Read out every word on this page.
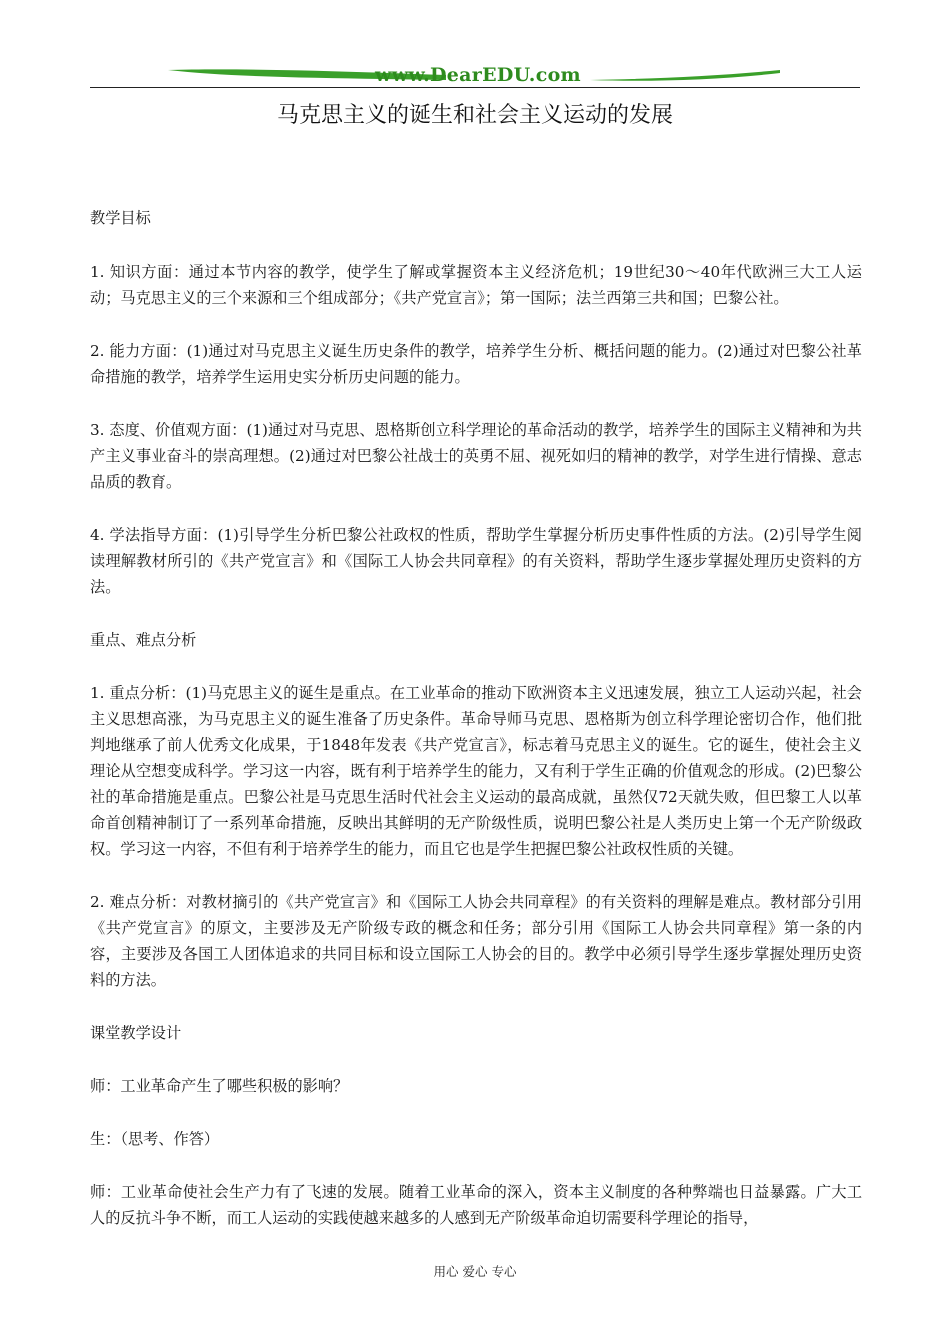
www.DearEDU.com
马克思主义的诞生和社会主义运动的发展

教学目标

1. 知识方面：通过本节内容的教学，使学生了解或掌握资本主义经济危机；19世纪30～40年代欧洲三大工人运动；马克思主义的三个来源和三个组成部分；《共产党宣言》；第一国际；法兰西第三共和国；巴黎公社。

2. 能力方面：(1)通过对马克思主义诞生历史条件的教学，培养学生分析、概括问题的能力。(2)通过对巴黎公社革命措施的教学，培养学生运用史实分析历史问题的能力。

3. 态度、价值观方面：(1)通过对马克思、恩格斯创立科学理论的革命活动的教学，培养学生的国际主义精神和为共产主义事业奋斗的崇高理想。(2)通过对巴黎公社战士的英勇不屈、视死如归的精神的教学，对学生进行情操、意志品质的教育。

4. 学法指导方面：(1)引导学生分析巴黎公社政权的性质，帮助学生掌握分析历史事件性质的方法。(2)引导学生阅读理解教材所引的《共产党宣言》和《国际工人协会共同章程》的有关资料，帮助学生逐步掌握处理历史资料的方法。

重点、难点分析

1. 重点分析：(1)马克思主义的诞生是重点。在工业革命的推动下欧洲资本主义迅速发展，独立工人运动兴起，社会主义思想高涨，为马克思主义的诞生准备了历史条件。革命导师马克思、恩格斯为创立科学理论密切合作，他们批判地继承了前人优秀文化成果，于1848年发表《共产党宣言》，标志着马克思主义的诞生。它的诞生，使社会主义理论从空想变成科学。学习这一内容，既有利于培养学生的能力，又有利于学生正确的价值观念的形成。(2)巴黎公社的革命措施是重点。巴黎公社是马克思生活时代社会主义运动的最高成就，虽然仅72天就失败，但巴黎工人以革命首创精神制订了一系列革命措施，反映出其鲜明的无产阶级性质，说明巴黎公社是人类历史上第一个无产阶级政权。学习这一内容，不但有利于培养学生的能力，而且它也是学生把握巴黎公社政权性质的关键。

2. 难点分析：对教材摘引的《共产党宣言》和《国际工人协会共同章程》的有关资料的理解是难点。教材部分引用《共产党宣言》的原文，主要涉及无产阶级专政的概念和任务；部分引用《国际工人协会共同章程》第一条的内容，主要涉及各国工人团体追求的共同目标和设立国际工人协会的目的。教学中必须引导学生逐步掌握处理历史资料的方法。

课堂教学设计

师：工业革命产生了哪些积极的影响？

生：（思考、作答）

师：工业革命使社会生产力有了飞速的发展。随着工业革命的深入，资本主义制度的各种弊端也日益暴露。广大工人的反抗斗争不断，而工人运动的实践使越来越多的人感到无产阶级革命迫切需要科学理论的指导，

用心 爱心 专心
